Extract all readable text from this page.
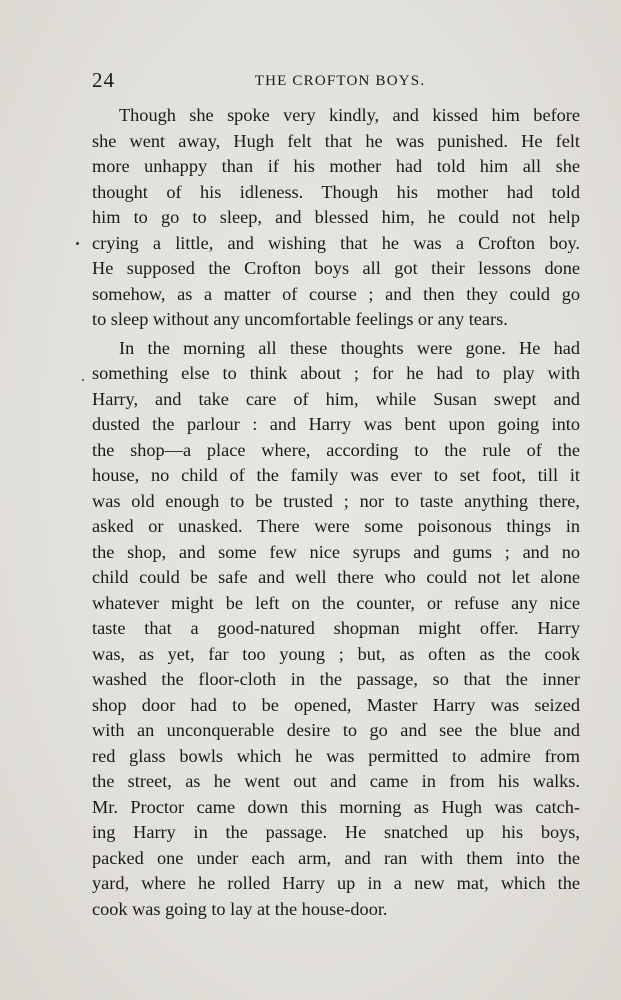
24	THE CROFTON BOYS.
Though she spoke very kindly, and kissed him before
she went away, Hugh felt that he was punished. He felt
more unhappy than if his mother had told him all she
thought of his idleness. Though his mother had told
him to go to sleep, and blessed him, he could not help
crying a little, and wishing that he was a Crofton boy.
He supposed the Crofton boys all got their lessons done
somehow, as a matter of course ; and then they could go
to sleep without any uncomfortable feelings or any tears.
In the morning all these thoughts were gone. He had
something else to think about ; for he had to play with
Harry, and take care of him, while Susan swept and
dusted the parlour : and Harry was bent upon going into
the shop—a place where, according to the rule of the
house, no child of the family was ever to set foot, till it
was old enough to be trusted ; nor to taste anything there,
asked or unasked. There were some poisonous things in
the shop, and some few nice syrups and gums ; and no
child could be safe and well there who could not let alone
whatever might be left on the counter, or refuse any nice
taste that a good-natured shopman might offer. Harry
was, as yet, far too young ; but, as often as the cook
washed the floor-cloth in the passage, so that the inner
shop door had to be opened, Master Harry was seized
with an unconquerable desire to go and see the blue and
red glass bowls which he was permitted to admire from
the street, as he went out and came in from his walks.
Mr. Proctor came down this morning as Hugh was catch-
ing Harry in the passage. He snatched up his boys,
packed one under each arm, and ran with them into the
yard, where he rolled Harry up in a new mat, which the
cook was going to lay at the house-door.
